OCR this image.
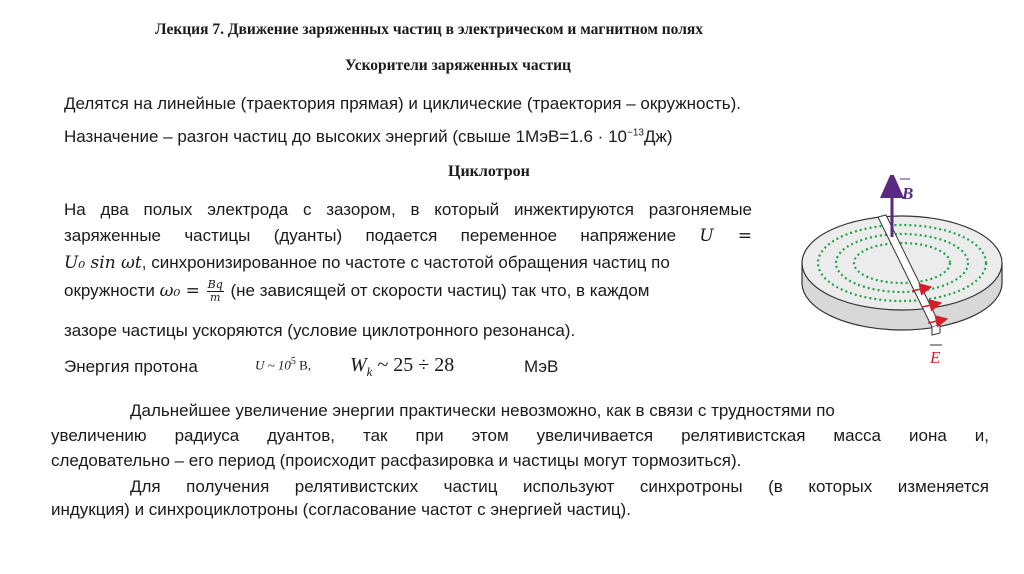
Лекция 7. Движение заряженных частиц в электрическом и магнитном полях
Ускорители заряженных частиц
Делятся на линейные (траектория прямая) и циклические (траектория – окружность).
Назначение – разгон частиц до высоких энергий (свыше $1МэВ=1.6 \cdot 10^{-13}Дж$)
Циклотрон
На два полых электрода с зазором, в который инжектируются разгоняемые
заряженные частицы (дуанты) подается переменное напряжение U =
U₀ sin ωt, синхронизированное по частоте с частотой обращения частиц по
окружности $\omega_0 = \frac{Bq}{m} (не$ зависящей от скорости частиц) так что, в каждом
зазоре частицы ускоряются (условие циклотронного резонанса).
Энергия протона	U ~ $10^5$ В, $W_k$ ~ 25 ÷ 28	МэВ
B
E
Дальнейшее увеличение энергии практически невозможно, как в связи с трудностями по
увеличению радиуса дуантов, так при этом увеличивается релятивистская масса иона и,
следовательно – его период (происходит расфазировка и частицы могут тормозиться).
Для получения релятивистских частиц используют синхротроны (в которых изменяется
индукция) и синхроциклотроны (согласование частот с энергией частиц).
